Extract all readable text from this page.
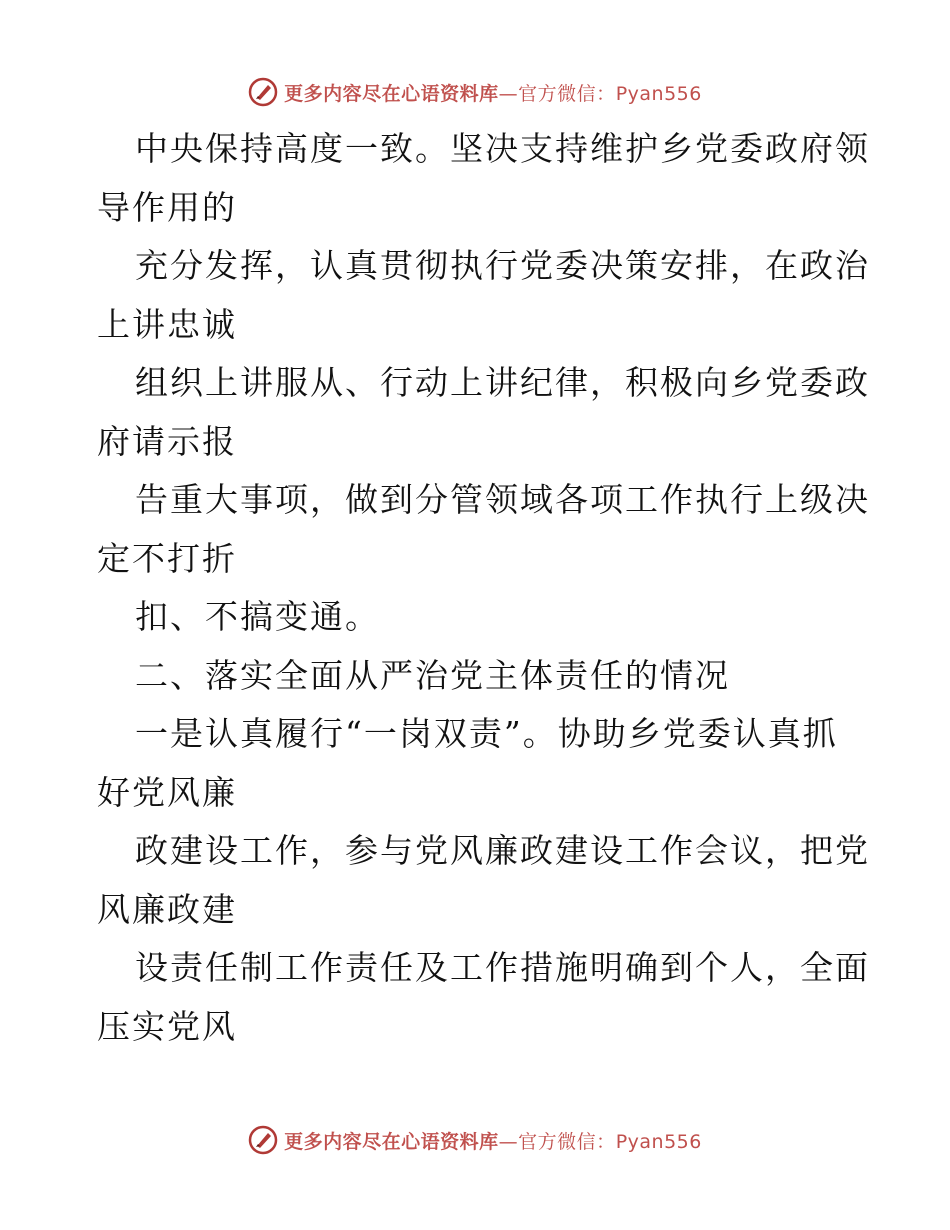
更多内容尽在心语资料库—官方微信：Pyan556
中央保持高度一致。坚决支持维护乡党委政府领
导作用的
充分发挥，认真贯彻执行党委决策安排，在政治
上讲忠诚
组织上讲服从、行动上讲纪律，积极向乡党委政
府请示报
告重大事项，做到分管领域各项工作执行上级决
定不打折
扣、不搞变通。
二、落实全面从严治党主体责任的情况
一是认真履行“一岗双责”。协助乡党委认真抓
好党风廉
政建设工作，参与党风廉政建设工作会议，把党
风廉政建
设责任制工作责任及工作措施明确到个人，全面
压实党风
更多内容尽在心语资料库—官方微信：Pyan556
